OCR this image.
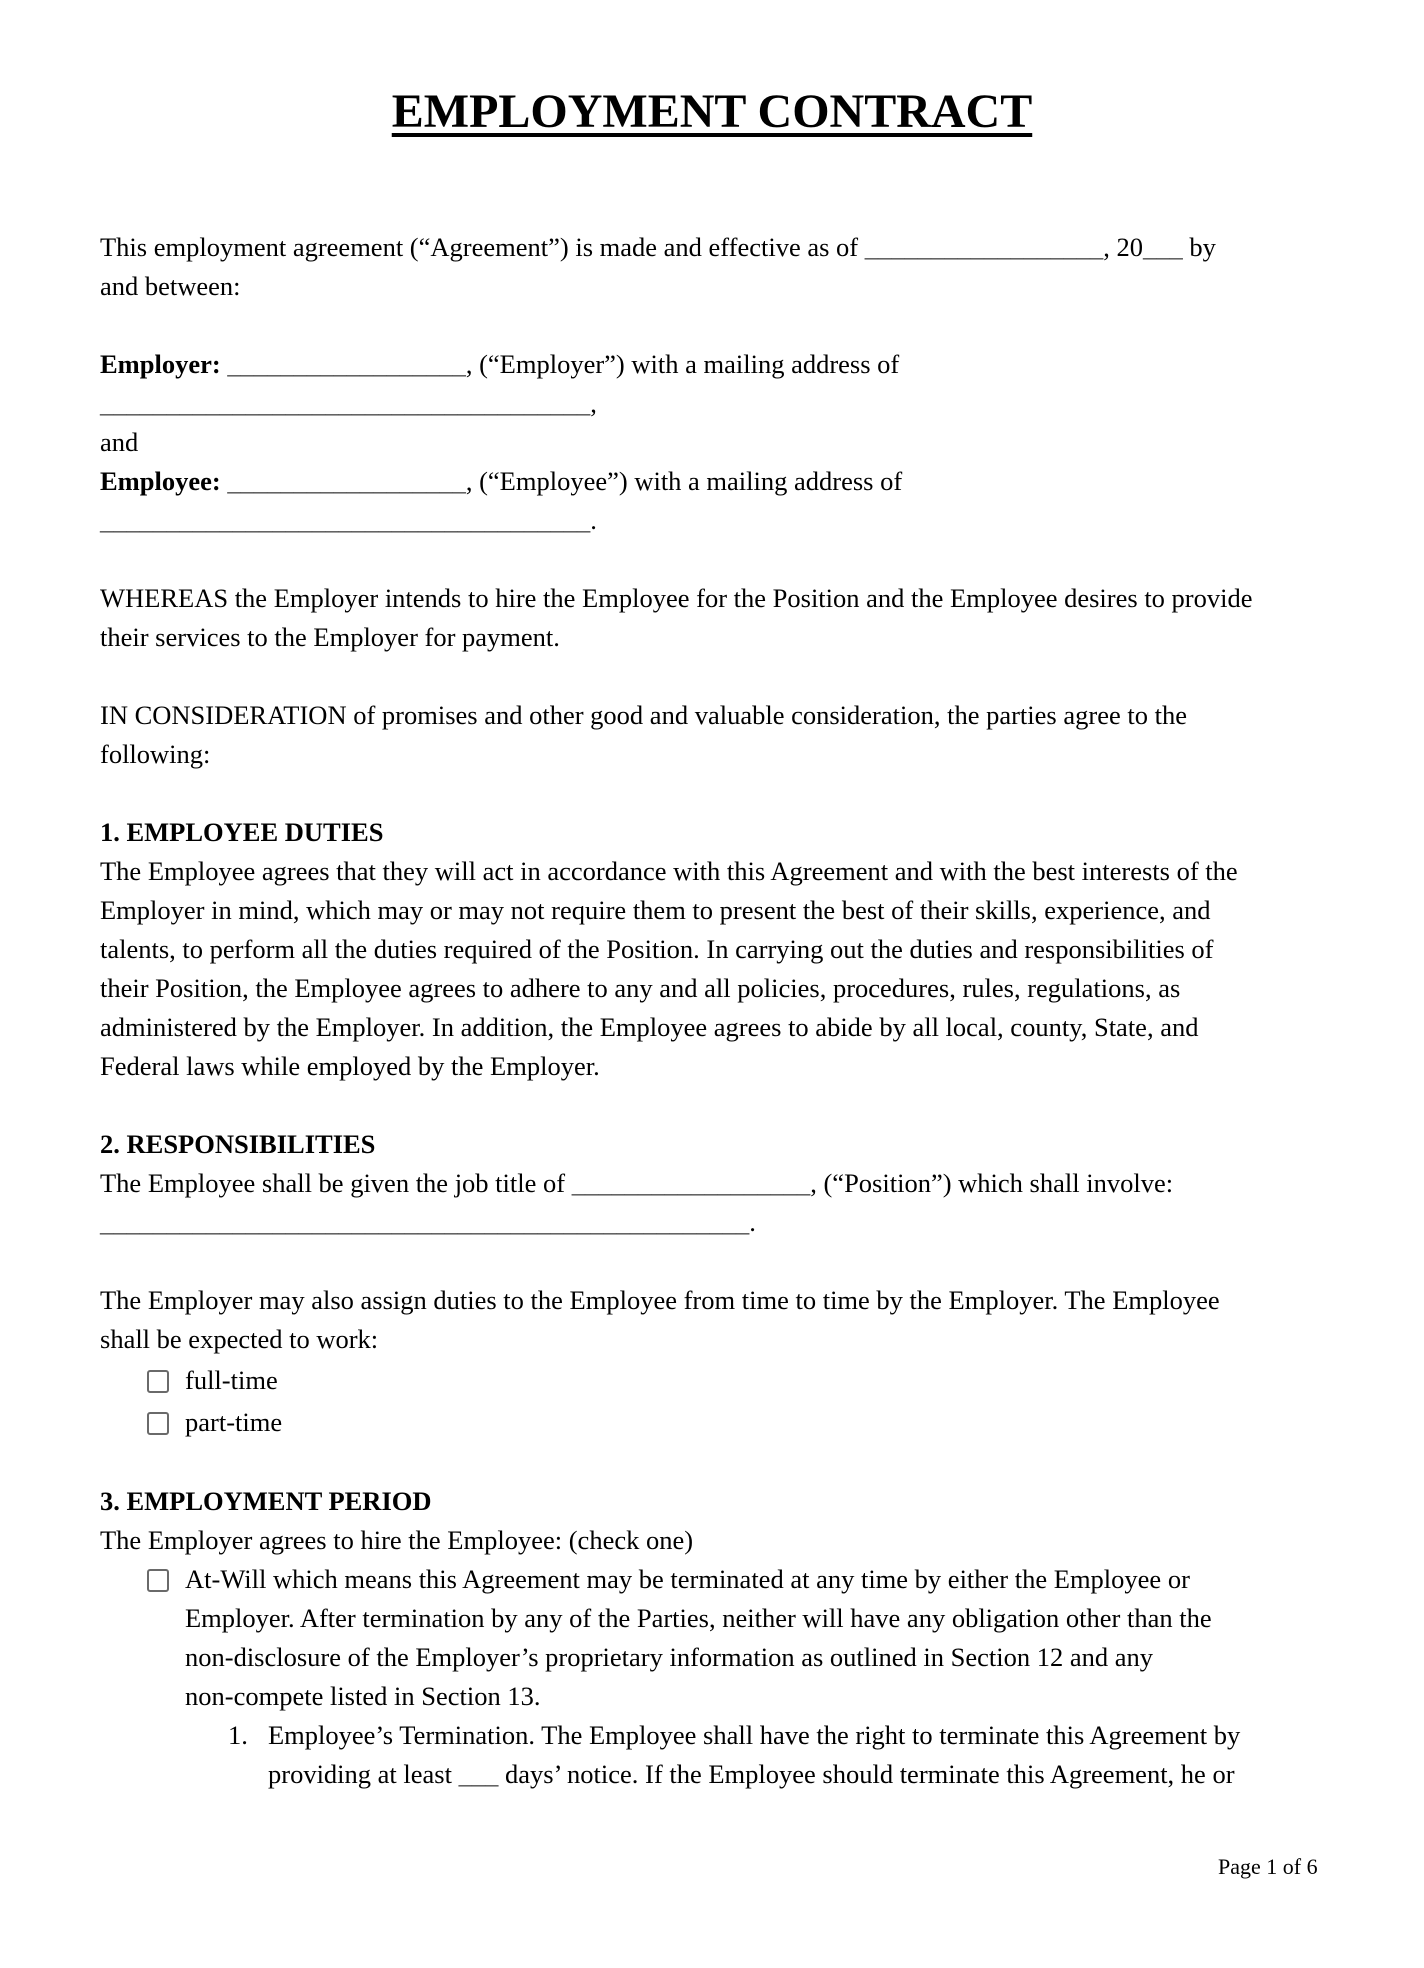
EMPLOYMENT CONTRACT

This employment agreement (“Agreement”) is made and effective as of __________________, 20___ by
and between:

Employer: __________________, (“Employer”) with a mailing address of

_____________________________________,

and

Employee: __________________, (“Employee”) with a mailing address of

_____________________________________.

WHEREAS the Employer intends to hire the Employee for the Position and the Employee desires to provide
their services to the Employer for payment.

IN CONSIDERATION of promises and other good and valuable consideration, the parties agree to the
following:

1. EMPLOYEE DUTIES

The Employee agrees that they will act in accordance with this Agreement and with the best interests of the
Employer in mind, which may or may not require them to present the best of their skills, experience, and
talents, to perform all the duties required of the Position. In carrying out the duties and responsibilities of
their Position, the Employee agrees to adhere to any and all policies, procedures, rules, regulations, as
administered by the Employer. In addition, the Employee agrees to abide by all local, county, State, and
Federal laws while employed by the Employer.

2. RESPONSIBILITIES

The Employee shall be given the job title of __________________, (“Position”) which shall involve:

_________________________________________________.

The Employer may also assign duties to the Employee from time to time by the Employer. The Employee
shall be expected to work:

full-time
part-time

3. EMPLOYMENT PERIOD

The Employer agrees to hire the Employee: (check one)

At-Will which means this Agreement may be terminated at any time by either the Employee or
Employer. After termination by any of the Parties, neither will have any obligation other than the
non-disclosure of the Employer’s proprietary information as outlined in Section 12 and any
non-compete listed in Section 13.
1. Employee’s Termination. The Employee shall have the right to terminate this Agreement by
providing at least ___ days’ notice. If the Employee should terminate this Agreement, he or
Page 1 of 6
